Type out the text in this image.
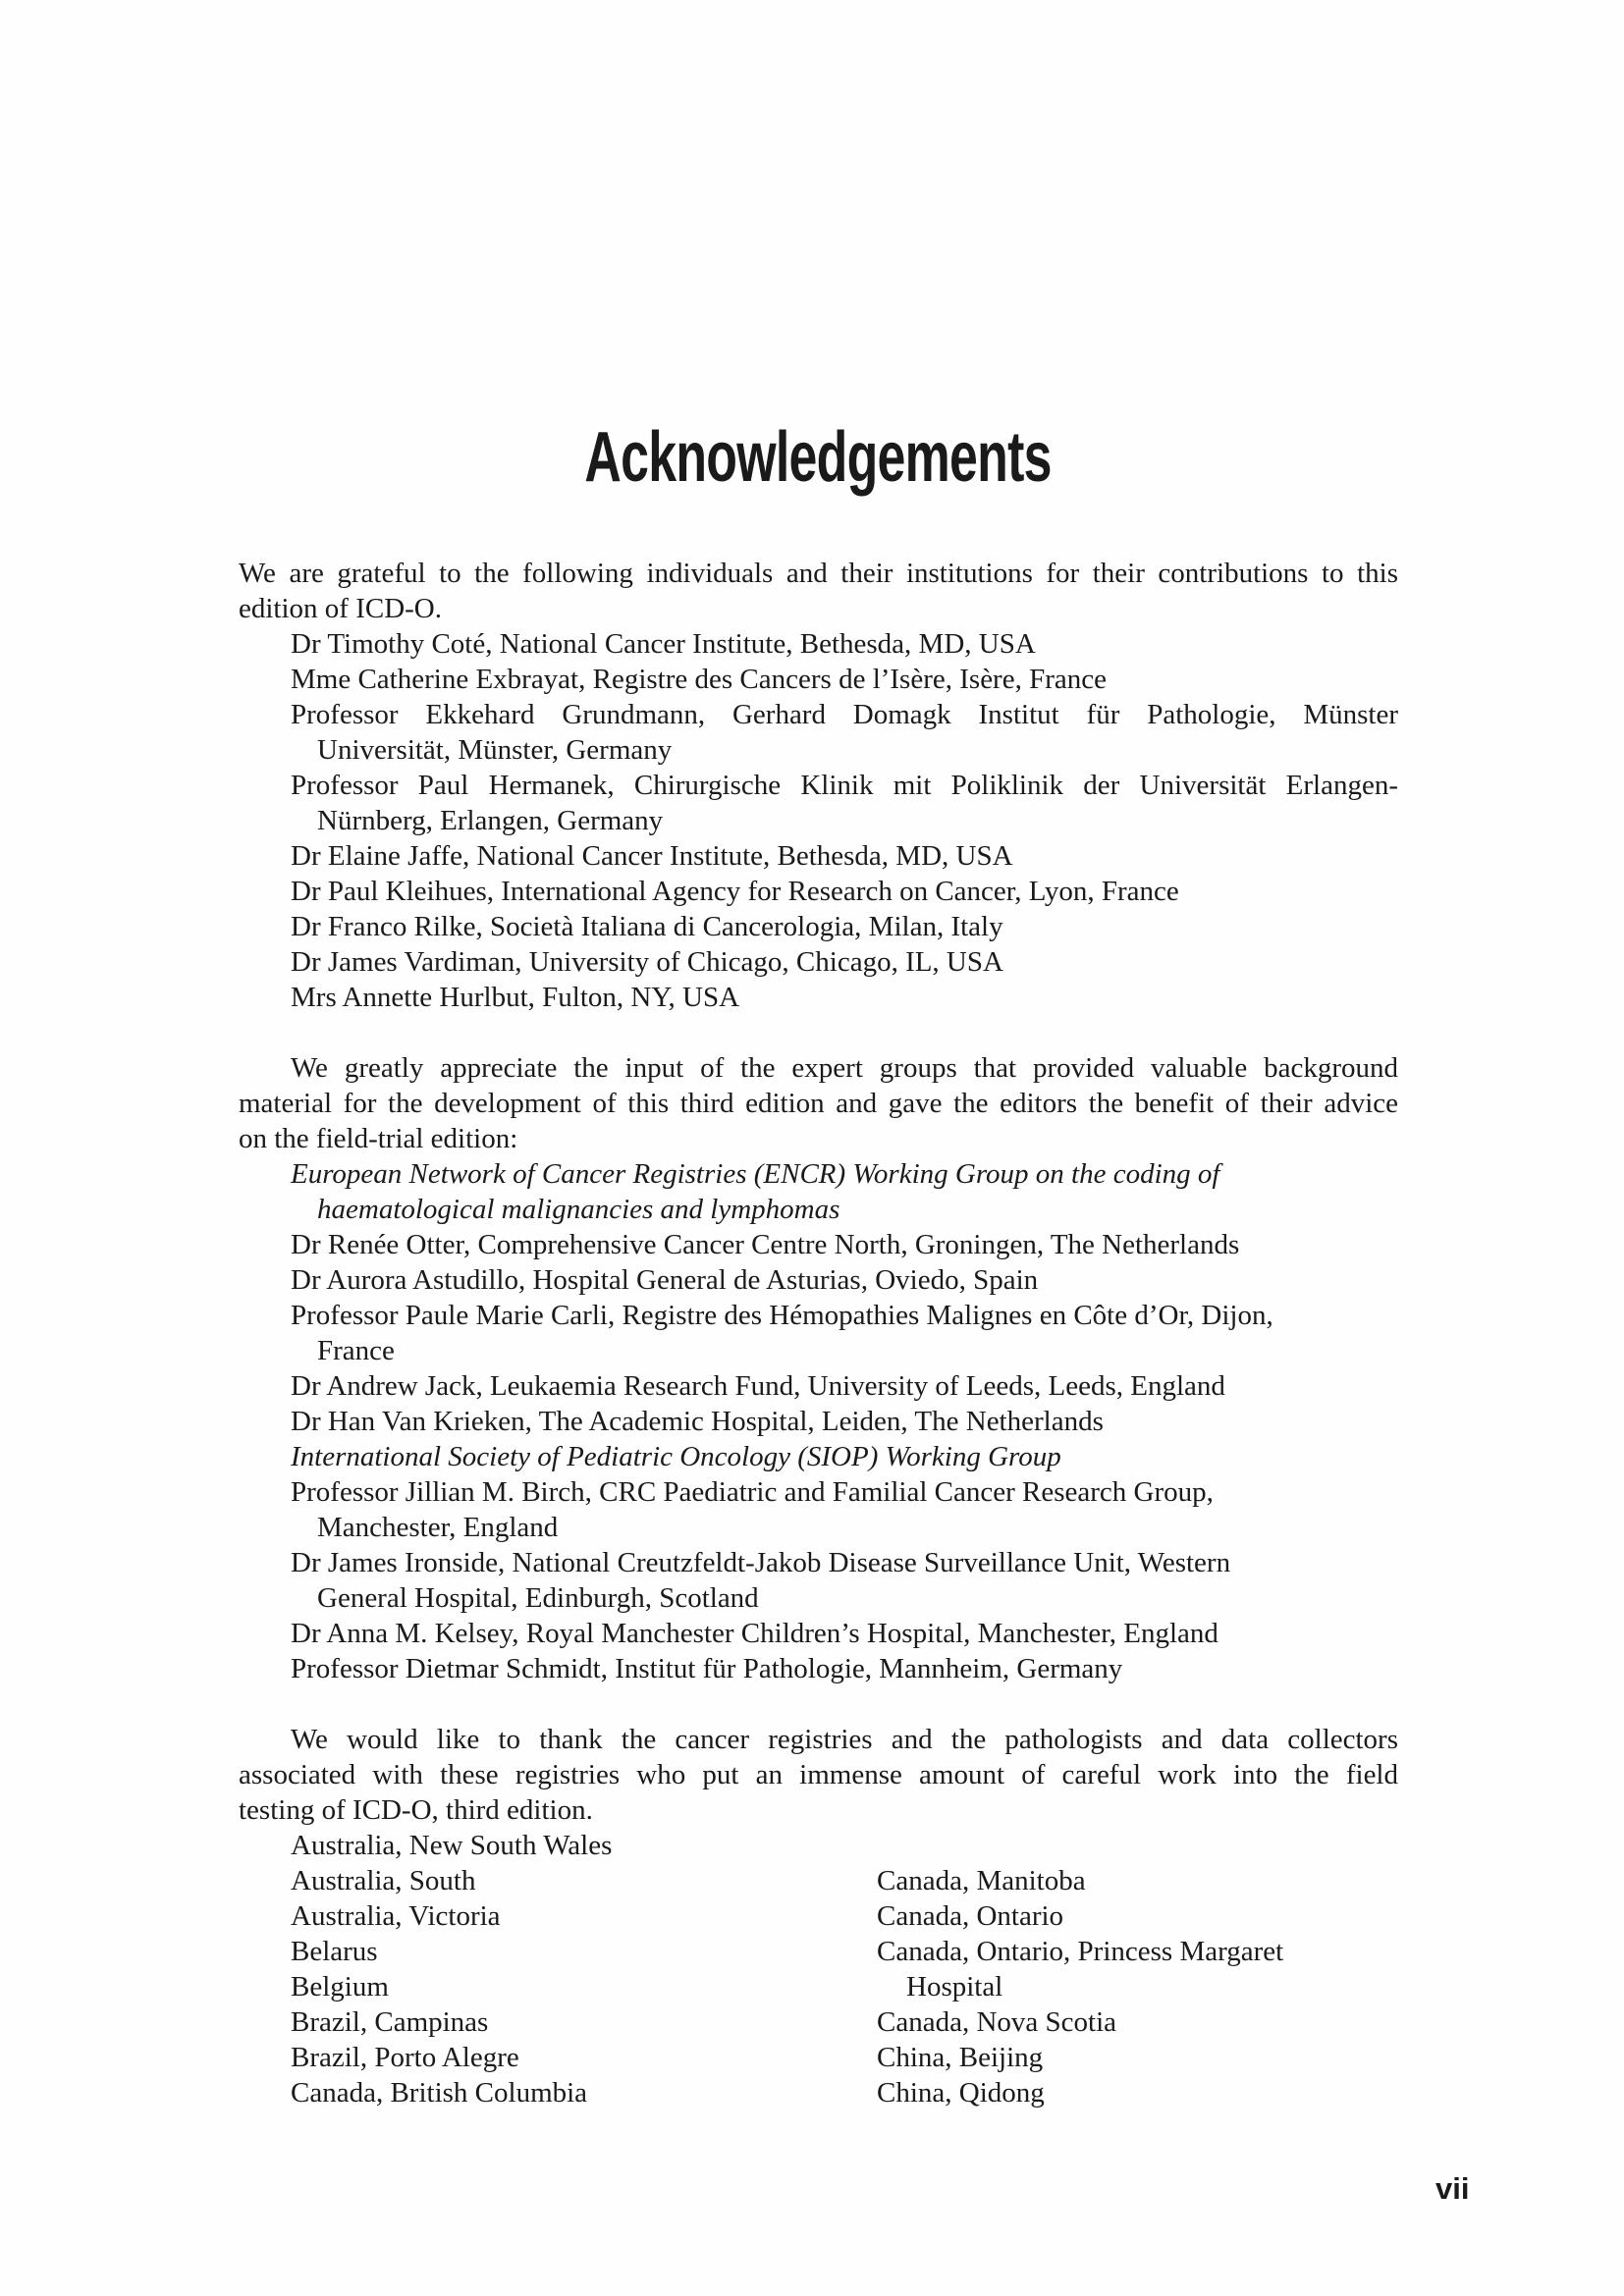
Acknowledgements
We are grateful to the following individuals and their institutions for their contributions to this
edition of ICD-O.
Dr Timothy Coté, National Cancer Institute, Bethesda, MD, USA
Mme Catherine Exbrayat, Registre des Cancers de l’Isère, Isère, France
Professor Ekkehard Grundmann, Gerhard Domagk Institut für Pathologie, Münster
Universität, Münster, Germany
Professor Paul Hermanek, Chirurgische Klinik mit Poliklinik der Universität Erlangen-
Nürnberg, Erlangen, Germany
Dr Elaine Jaffe, National Cancer Institute, Bethesda, MD, USA
Dr Paul Kleihues, International Agency for Research on Cancer, Lyon, France
Dr Franco Rilke, Società Italiana di Cancerologia, Milan, Italy
Dr James Vardiman, University of Chicago, Chicago, IL, USA
Mrs Annette Hurlbut, Fulton, NY, USA
We greatly appreciate the input of the expert groups that provided valuable background
material for the development of this third edition and gave the editors the benefit of their advice
on the field-trial edition:
European Network of Cancer Registries (ENCR) Working Group on the coding of
haematological malignancies and lymphomas
Dr Renée Otter, Comprehensive Cancer Centre North, Groningen, The Netherlands
Dr Aurora Astudillo, Hospital General de Asturias, Oviedo, Spain
Professor Paule Marie Carli, Registre des Hémopathies Malignes en Côte d’Or, Dijon,
France
Dr Andrew Jack, Leukaemia Research Fund, University of Leeds, Leeds, England
Dr Han Van Krieken, The Academic Hospital, Leiden, The Netherlands
International Society of Pediatric Oncology (SIOP) Working Group
Professor Jillian M. Birch, CRC Paediatric and Familial Cancer Research Group,
Manchester, England
Dr James Ironside, National Creutzfeldt-Jakob Disease Surveillance Unit, Western
General Hospital, Edinburgh, Scotland
Dr Anna M. Kelsey, Royal Manchester Children’s Hospital, Manchester, England
Professor Dietmar Schmidt, Institut für Pathologie, Mannheim, Germany
We would like to thank the cancer registries and the pathologists and data collectors
associated with these registries who put an immense amount of careful work into the field
testing of ICD-O, third edition.
Canada, Manitoba
Canada, Ontario
Canada, Ontario, Princess Margaret
Hospital
Canada, Nova Scotia
China, Beijing
China, Qidong
Australia, New South Wales
Australia, South
Australia, Victoria
Belarus
Belgium
Brazil, Campinas
Brazil, Porto Alegre
Canada, British Columbia
vii
